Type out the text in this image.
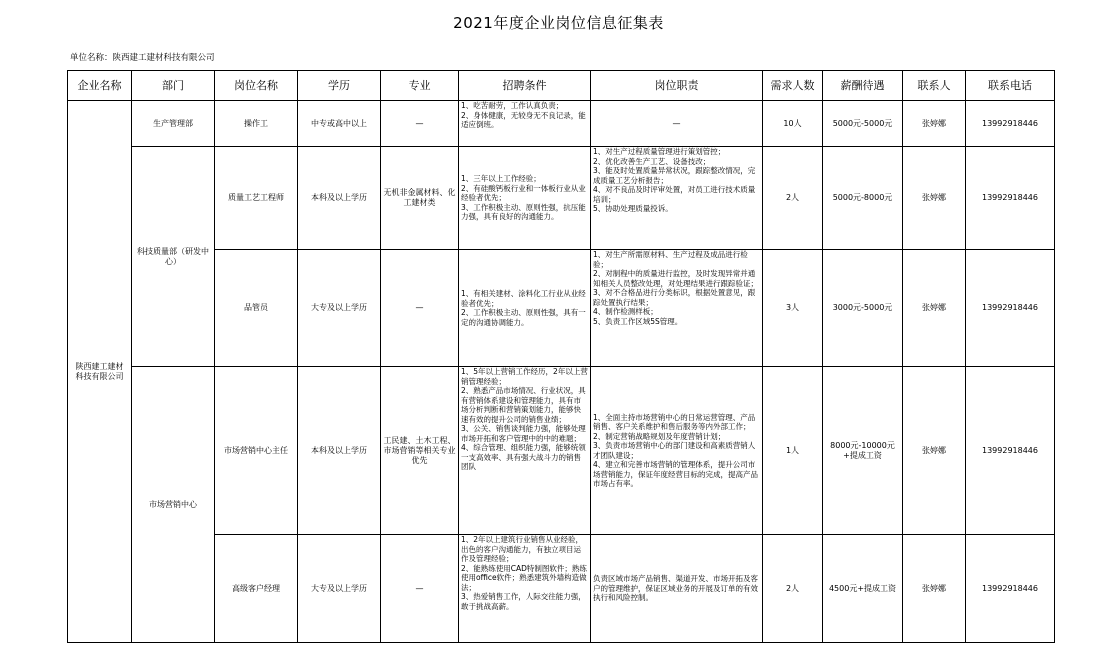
2021年度企业岗位信息征集表
单位名称：陕西建工建材科技有限公司
企业名称	部门	岗位名称	学历	专业	招聘条件	岗位职责	需求人数	薪酬待遇	联系人	联系电话
陕西建工建材
科技有限公司	生产管理部	操作工	中专或高中以上	—	1、吃苦耐劳，工作认真负责；
2、身体健康，无较身无不良记录，能适应倒班。	—	10人	5000元-5000元	张婷娜	13992918446
	科技质量部（研发中心）	质量工艺工程师	本科及以上学历	无机非金属材料、化工建材类	1、三年以上工作经验；
2、有硅酸钙板行业和一体板行业从业经验者优先；
3、工作积极主动、原则性强，抗压能力强，具有良好的沟通能力。	1、对生产过程质量管理进行策划管控；
2、优化改善生产工艺、设备技改；
3、能及时处置质量异常状况，跟踪整改情况，完成质量工艺分析报告；
4、对不良品及时评审处置，对员工进行技术质量培训；
5、协助处理质量投诉。	2人	5000元-8000元	张婷娜	13992918446
		品管员	大专及以上学历	—	1、有相关建材、涂料化工行业从业经验者优先；
2、工作积极主动、原则性强，具有一定的沟通协调能力。	1、对生产所需原材料、生产过程及成品进行检验；
2、对制程中的质量进行监控，及时发现异常并通知相关人员整改处理，对处理结果进行跟踪验证；
3、对不合格品进行分类标识，根据处置意见，跟踪处置执行结果；
4、制作检测样板；
5、负责工作区域5S管理。	3人	3000元-5000元	张婷娜	13992918446
	市场营销中心	市场营销中心主任	本科及以上学历	工民建、土木工程、市场营销等相关专业优先	1、5年以上营销工作经历，2年以上营销管理经验；
2、熟悉产品市场情况、行业状况，具有营销体系建设和管理能力，具有市场分析判断和营销策划能力，能够快速有效的提升公司的销售业绩；
3、公关、销售谈判能力强，能够处理市场开拓和客户管理中的中的难题；
4、综合管理、组织能力强，能够统领一支高效率、具有强大战斗力的销售团队	1、全面主持市场营销中心的日常运营管理、产品销售、客户关系维护和售后服务等内外部工作；
2、制定营销战略规划及年度营销计划；
3、负责市场营销中心的部门建设和高素质营销人才团队建设；
4、建立和完善市场营销的管理体系，提升公司市场营销能力，保证年度经营目标的完成，提高产品市场占有率。	1人	8000元-10000元
+提成工资	张婷娜	13992918446
		高级客户经理	大专及以上学历	—	1、2年以上建筑行业销售从业经验，出色的客户沟通能力，有独立项目运作及管理经验；
2、能熟练使用CAD特制图软件；熟练使用office软件；熟悉建筑外墙构造做法；
3、热爱销售工作，人际交往能力强，敢于挑战高薪。	负责区域市场产品销售、渠道开发、市场开拓及客户的管理维护，保证区域业务的开展及订单的有效执行和风险控制。	2人	4500元+提成工资	张婷娜	13992918446
